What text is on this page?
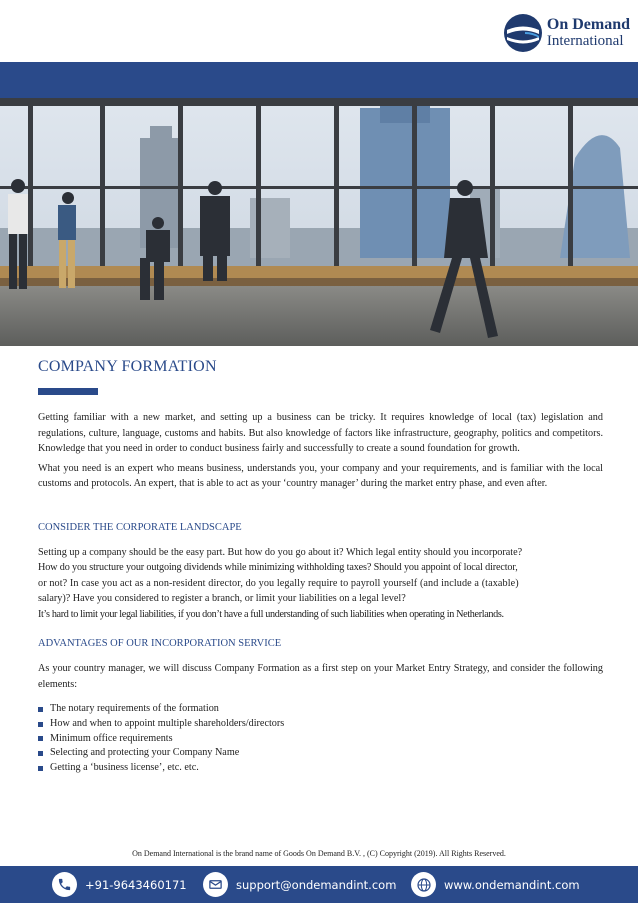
On Demand
International
COMPANY FORMATION

Getting familiar with a new market, and setting up a business can be tricky. It requires knowledge of local (tax) legislation and regulations, culture, language, customs and habits. But also knowledge of factors like infrastructure, geography, politics and competitors. Knowledge that you need in order to conduct business fairly and successfully to create a sound foundation for growth.

What you need is an expert who means business, understands you, your company and your requirements, and is familiar with the local customs and protocols. An expert, that is able to act as your ‘country manager’ during the market entry phase, and even after.

CONSIDER THE CORPORATE LANDSCAPE
Setting up a company should be the easy part. But how do you go about it? Which legal entity should you incorporate?
How do you structure your outgoing dividends while minimizing withholding taxes? Should you appoint of local director,
or not? In case you act as a non-resident director, do you legally require to payroll yourself (and include a (taxable)
salary)? Have you considered to register a branch, or limit your liabilities on a legal level?
It’s hard to limit your legal liabilities, if you don’t have a full understanding of such liabilities when operating in Netherlands.
ADVANTAGES OF OUR INCORPORATION SERVICE

As your country manager, we will discuss Company Formation as a first step on your Market Entry Strategy, and consider the following elements:

The notary requirements of the formation
How and when to appoint multiple shareholders/directors
Minimum office requirements
Selecting and protecting your Company Name
Getting a ‘business license’, etc. etc.
On Demand International is the brand name of Goods On Demand B.V. , (C) Copyright (2019). All Rights Reserved.
+91-9643460171	support@ondemandint.com	www.ondemandint.com
